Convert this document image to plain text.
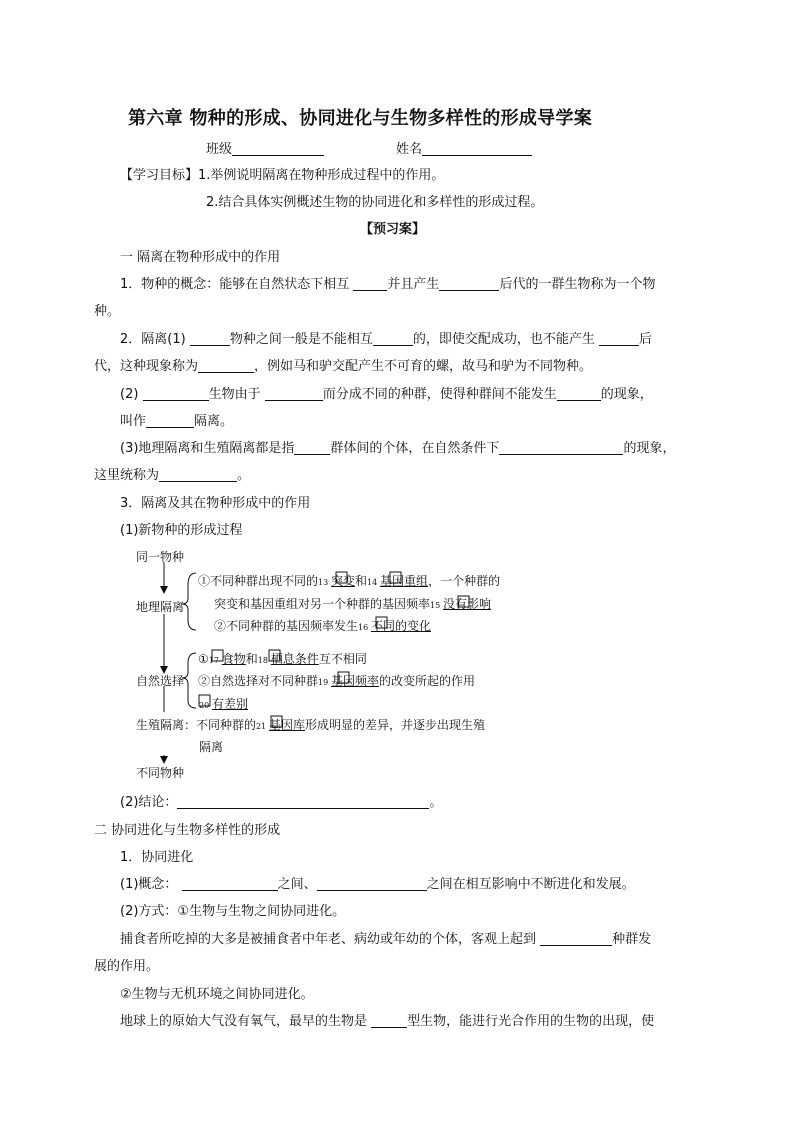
第六章 物种的形成、协同进化与生物多样性的形成导学案
班级	姓名
【学习目标】1.举例说明隔离在物种形成过程中的作用。
2.结合具体实例概述生物的协同进化和多样性的形成过程。
【预习案】
一 隔离在物种形成中的作用
1．物种的概念：能够在自然状态下相互	并且产生	后代的一群生物称为一个物
种。
2．隔离(1)	物种之间一般是不能相互	的，即使交配成功，也不能产生	后
代，这种现象称为	，例如马和驴交配产生不可育的螺，故马和驴为不同物种。
(2)	生物由于	而分成不同的种群，使得种群间不能发生	的现象，
叫作	隔离。
(3)地理隔离和生殖隔离都是指	群体间的个体，在自然条件下	的现象，
这里统称为	。
3．隔离及其在物种形成中的作用
(1)新物种的形成过程
同一物种
地理隔离
①不同种群出现不同的13 突变和14 基因重组，一个种群的
突变和基因重组对另一个种群的基因频率15 没有影响
②不同种群的基因频率发生16 不同的变化
自然选择
①17 食物和18 栖息条件互不相同
②自然选择对不同种群19 基因频率的改变所起的作用
20 有差别
生殖隔离：不同种群的21 基因库形成明显的差异，并逐步出现生殖
隔离
不同物种
(2)结论：	。
二 协同进化与生物多样性的形成
1．协同进化
(1)概念：	之间、	之间在相互影响中不断进化和发展。
(2)方式：①生物与生物之间协同进化。
捕食者所吃掉的大多是被捕食者中年老、病幼或年幼的个体，客观上起到	种群发
展的作用。
②生物与无机环境之间协同进化。
地球上的原始大气没有氧气，最早的生物是	型生物，能进行光合作用的生物的出现，使
